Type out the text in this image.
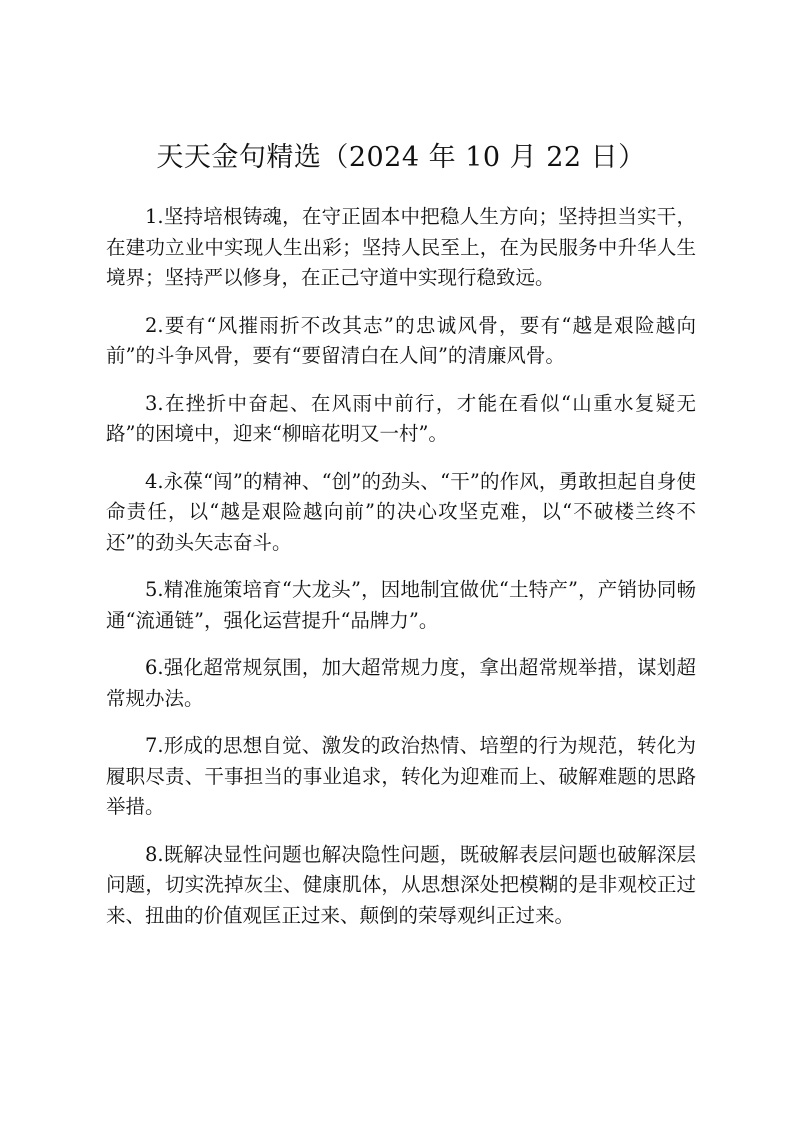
天天金句精选（2024 年 10 月 22 日）
1.坚持培根铸魂，在守正固本中把稳人生方向；坚持担当实干，在建功立业中实现人生出彩；坚持人民至上，在为民服务中升华人生境界；坚持严以修身，在正己守道中实现行稳致远。
2.要有“风摧雨折不改其志”的忠诚风骨，要有“越是艰险越向前”的斗争风骨，要有“要留清白在人间”的清廉风骨。
3.在挫折中奋起、在风雨中前行，才能在看似“山重水复疑无路”的困境中，迎来“柳暗花明又一村”。
4.永葆“闯”的精神、“创”的劲头、“干”的作风，勇敢担起自身使命责任，以“越是艰险越向前”的决心攻坚克难，以“不破楼兰终不还”的劲头矢志奋斗。
5.精准施策培育“大龙头”，因地制宜做优“土特产”，产销协同畅通“流通链”，强化运营提升“品牌力”。
6.强化超常规氛围，加大超常规力度，拿出超常规举措，谋划超常规办法。
7.形成的思想自觉、激发的政治热情、培塑的行为规范，转化为履职尽责、干事担当的事业追求，转化为迎难而上、破解难题的思路举措。
8.既解决显性问题也解决隐性问题，既破解表层问题也破解深层问题，切实洗掉灰尘、健康肌体，从思想深处把模糊的是非观校正过来、扭曲的价值观匡正过来、颠倒的荣辱观纠正过来。
